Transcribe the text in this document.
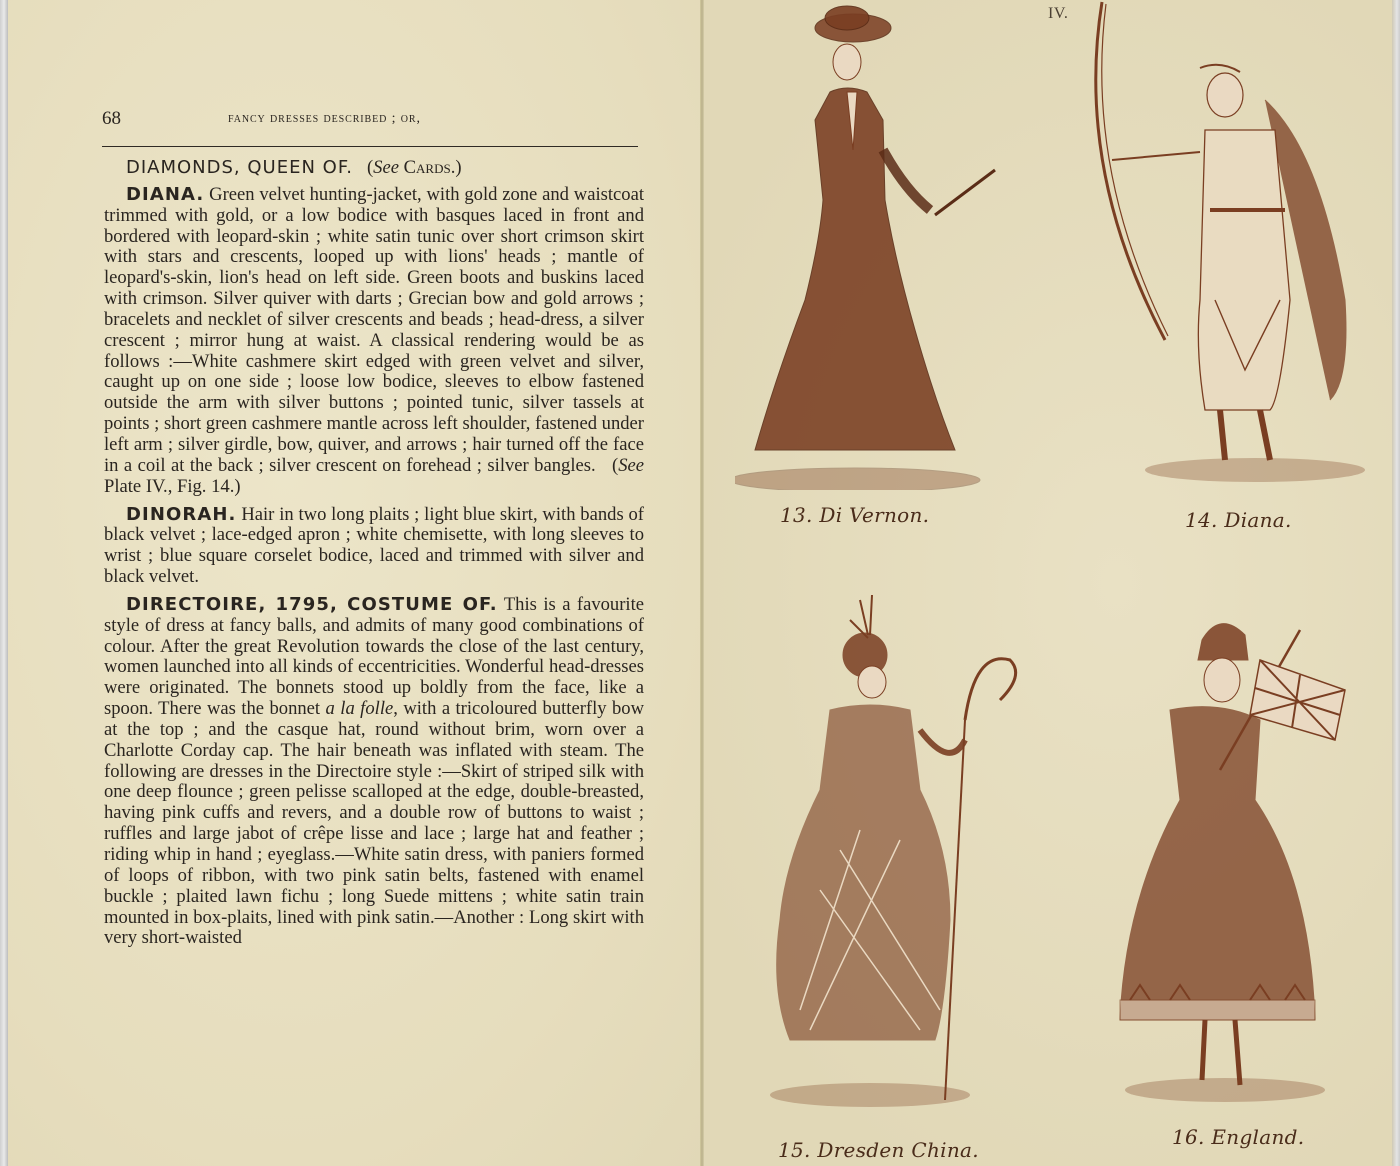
68	fancy dresses described ; or,

DIAMONDS, QUEEN OF. (See Cards.)

DIANA. Green velvet hunting-jacket, with gold zone and waistcoat trimmed with gold, or a low bodice with basques laced in front and bordered with leopard-skin ; white satin tunic over short crimson skirt with stars and crescents, looped up with lions' heads ; mantle of leopard's-skin, lion's head on left side. Green boots and buskins laced with crimson. Silver quiver with darts ; Grecian bow and gold arrows ; bracelets and necklet of silver crescents and beads ; head-dress, a silver crescent ; mirror hung at waist. A classical rendering would be as follows :—White cashmere skirt edged with green velvet and silver, caught up on one side ; loose low bodice, sleeves to elbow fastened outside the arm with silver buttons ; pointed tunic, silver tassels at points ; short green cashmere mantle across left shoulder, fastened under left arm ; silver girdle, bow, quiver, and arrows ; hair turned off the face in a coil at the back ; silver crescent on forehead ; silver bangles.   (See Plate IV., Fig. 14.)

DINORAH. Hair in two long plaits ; light blue skirt, with bands of black velvet ; lace-edged apron ; white chemisette, with long sleeves to wrist ; blue square corselet bodice, laced and trimmed with silver and black velvet.

DIRECTOIRE, 1795, COSTUME OF. This is a favourite style of dress at fancy balls, and admits of many good combinations of colour. After the great Revolution towards the close of the last century, women launched into all kinds of eccentricities. Wonderful head-dresses were originated. The bonnets stood up boldly from the face, like a spoon. There was the bonnet a la folle, with a tricoloured butterfly bow at the top ; and the casque hat, round without brim, worn over a Charlotte Corday cap. The hair beneath was inflated with steam. The following are dresses in the Directoire style :—Skirt of striped silk with one deep flounce ; green pelisse scalloped at the edge, double-breasted, having pink cuffs and revers, and a double row of buttons to waist ; ruffles and large jabot of crêpe lisse and lace ; large hat and feather ; riding whip in hand ; eyeglass.—White satin dress, with paniers formed of loops of ribbon, with two pink satin belts, fastened with enamel buckle ; plaited lawn fichu ; long Suede mittens ; white satin train mounted in box-plaits, lined with pink satin.—Another : Long skirt with very short-waisted

IV.
13. Di Vernon.	14. Diana.
15. Dresden China.
16. England.
